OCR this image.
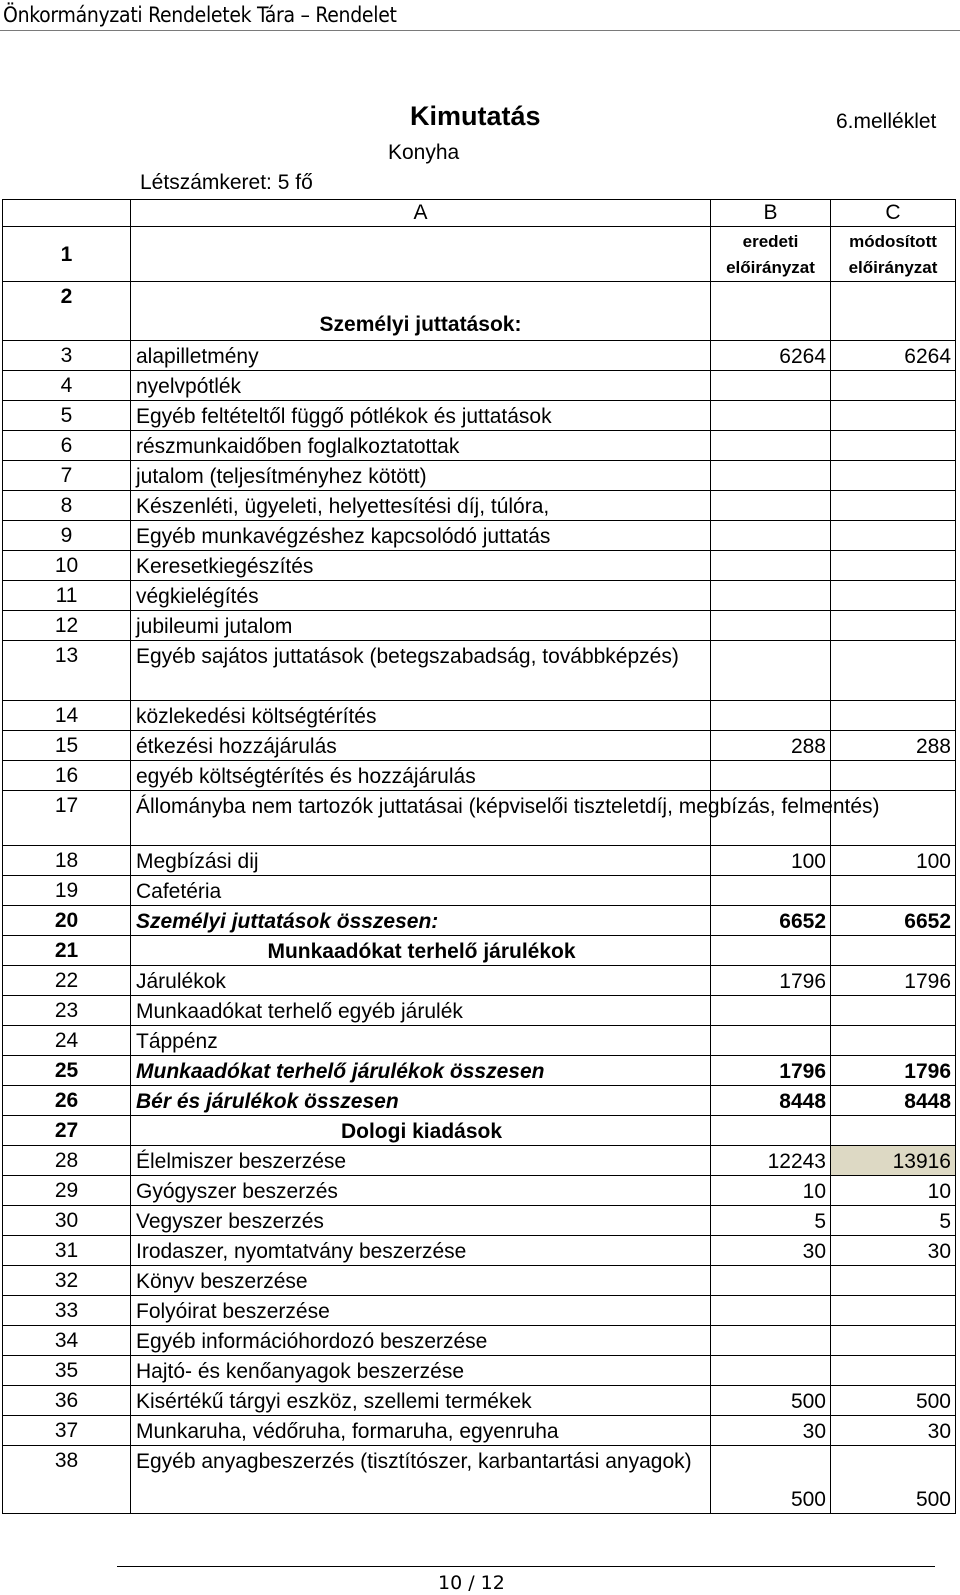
Önkormányzati Rendeletek Tára – Rendelet
Kimutatás	6.melléklet
Konyha
Létszámkeret: 5 fő
	A	B	C
1		eredeti előirányzat	módosított előirányzat
2	Személyi juttatások:		
3	alapilletmény	6264	6264
4	nyelvpótlék		
5	Egyéb feltételtől függő pótlékok és juttatások		
6	részmunkaidőben foglalkoztatottak		
7	jutalom (teljesítményhez kötött)		
8	Készenléti, ügyeleti, helyettesítési díj, túlóra,		
9	Egyéb munkavégzéshez kapcsolódó juttatás		
10	Keresetkiegészítés		
11	végkielégítés		
12	jubileumi jutalom		
13	Egyéb sajátos juttatások (betegszabadság, továbbképzés)		
14	közlekedési költségtérítés		
15	étkezési hozzájárulás	288	288
16	egyéb költségtérítés és hozzájárulás		
17	Állományba nem tartozók juttatásai (képviselői tiszteletdíj, megbízás, felmentés)		
18	Megbízási dij	100	100
19	Cafetéria		
20	Személyi juttatások összesen:	6652	6652
21	Munkaadókat terhelő járulékok		
22	Járulékok	1796	1796
23	Munkaadókat terhelő egyéb járulék		
24	Táppénz		
25	Munkaadókat terhelő járulékok összesen	1796	1796
26	Bér és járulékok összesen	8448	8448
27	Dologi kiadások		
28	Élelmiszer beszerzése	12243	13916
29	Gyógyszer beszerzés	10	10
30	Vegyszer beszerzés	5	5
31	Irodaszer, nyomtatvány beszerzése	30	30
32	Könyv beszerzése		
33	Folyóirat beszerzése		
34	Egyéb információhordozó beszerzése		
35	Hajtó- és kenőanyagok beszerzése		
36	Kisértékű tárgyi eszköz, szellemi termékek	500	500
37	Munkaruha, védőruha, formaruha, egyenruha	30	30
38	Egyéb anyagbeszerzés (tisztítószer, karbantartási anyagok)	500	500
10 / 12
